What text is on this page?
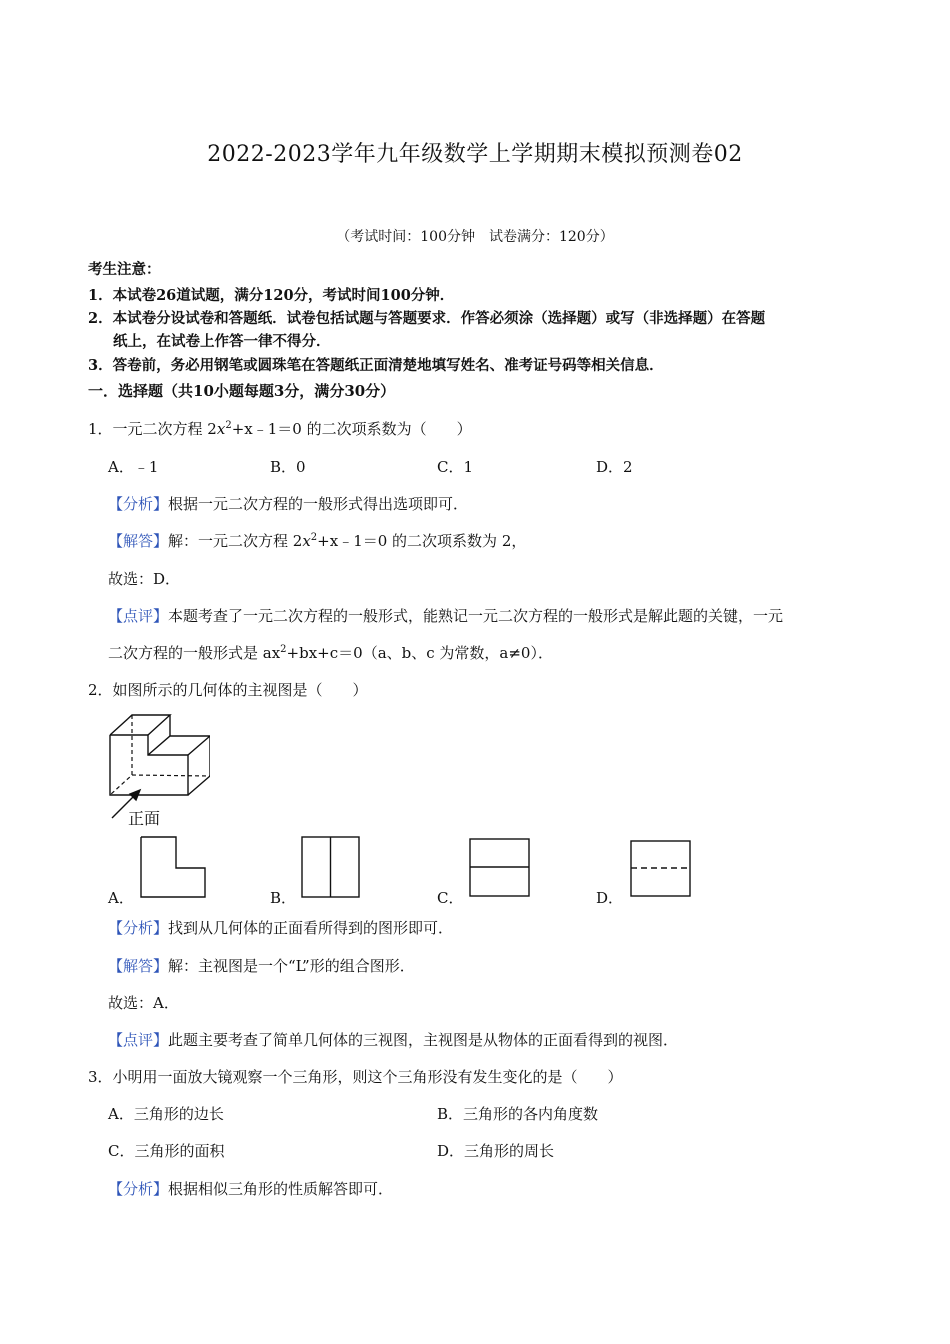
2022-2023学年九年级数学上学期期末模拟预测卷02
（考试时间：100分钟　试卷满分：120分）
考生注意：
1．本试卷26道试题，满分120分，考试时间100分钟．
2．本试卷分设试卷和答题纸．试卷包括试题与答题要求．作答必须涂（选择题）或写（非选择题）在答题
纸上，在试卷上作答一律不得分．
3．答卷前，务必用钢笔或圆珠笔在答题纸正面清楚地填写姓名、准考证号码等相关信息．
一．选择题（共10小题每题3分，满分30分）
1．一元二次方程 $2x^2+x﹣1=0$ 的二次项系数为（　　）
A．﹣1	B．0	C．1	D．2
【分析】根据一元二次方程的一般形式得出选项即可．
【解答】解：一元二次方程 $2x^2+x﹣1=0$ 的二次项系数为 2，
故选：D．
【点评】本题考查了一元二次方程的一般形式，能熟记一元二次方程的一般形式是解此题的关键，一元
二次方程的一般形式是 $ax^2+bx+c=0(a$、b、c 为常数，a≠0）．
2．如图所示的几何体的主视图是（　　）
正面
A．	B．	C．	D．
【分析】找到从几何体的正面看所得到的图形即可．
【解答】解：主视图是一个“L”形的组合图形．
故选：A．
【点评】此题主要考查了简单几何体的三视图，主视图是从物体的正面看得到的视图．
3．小明用一面放大镜观察一个三角形，则这个三角形没有发生变化的是（　　）
A．三角形的边长	B．三角形的各内角度数
C．三角形的面积	D．三角形的周长
【分析】根据相似三角形的性质解答即可．
